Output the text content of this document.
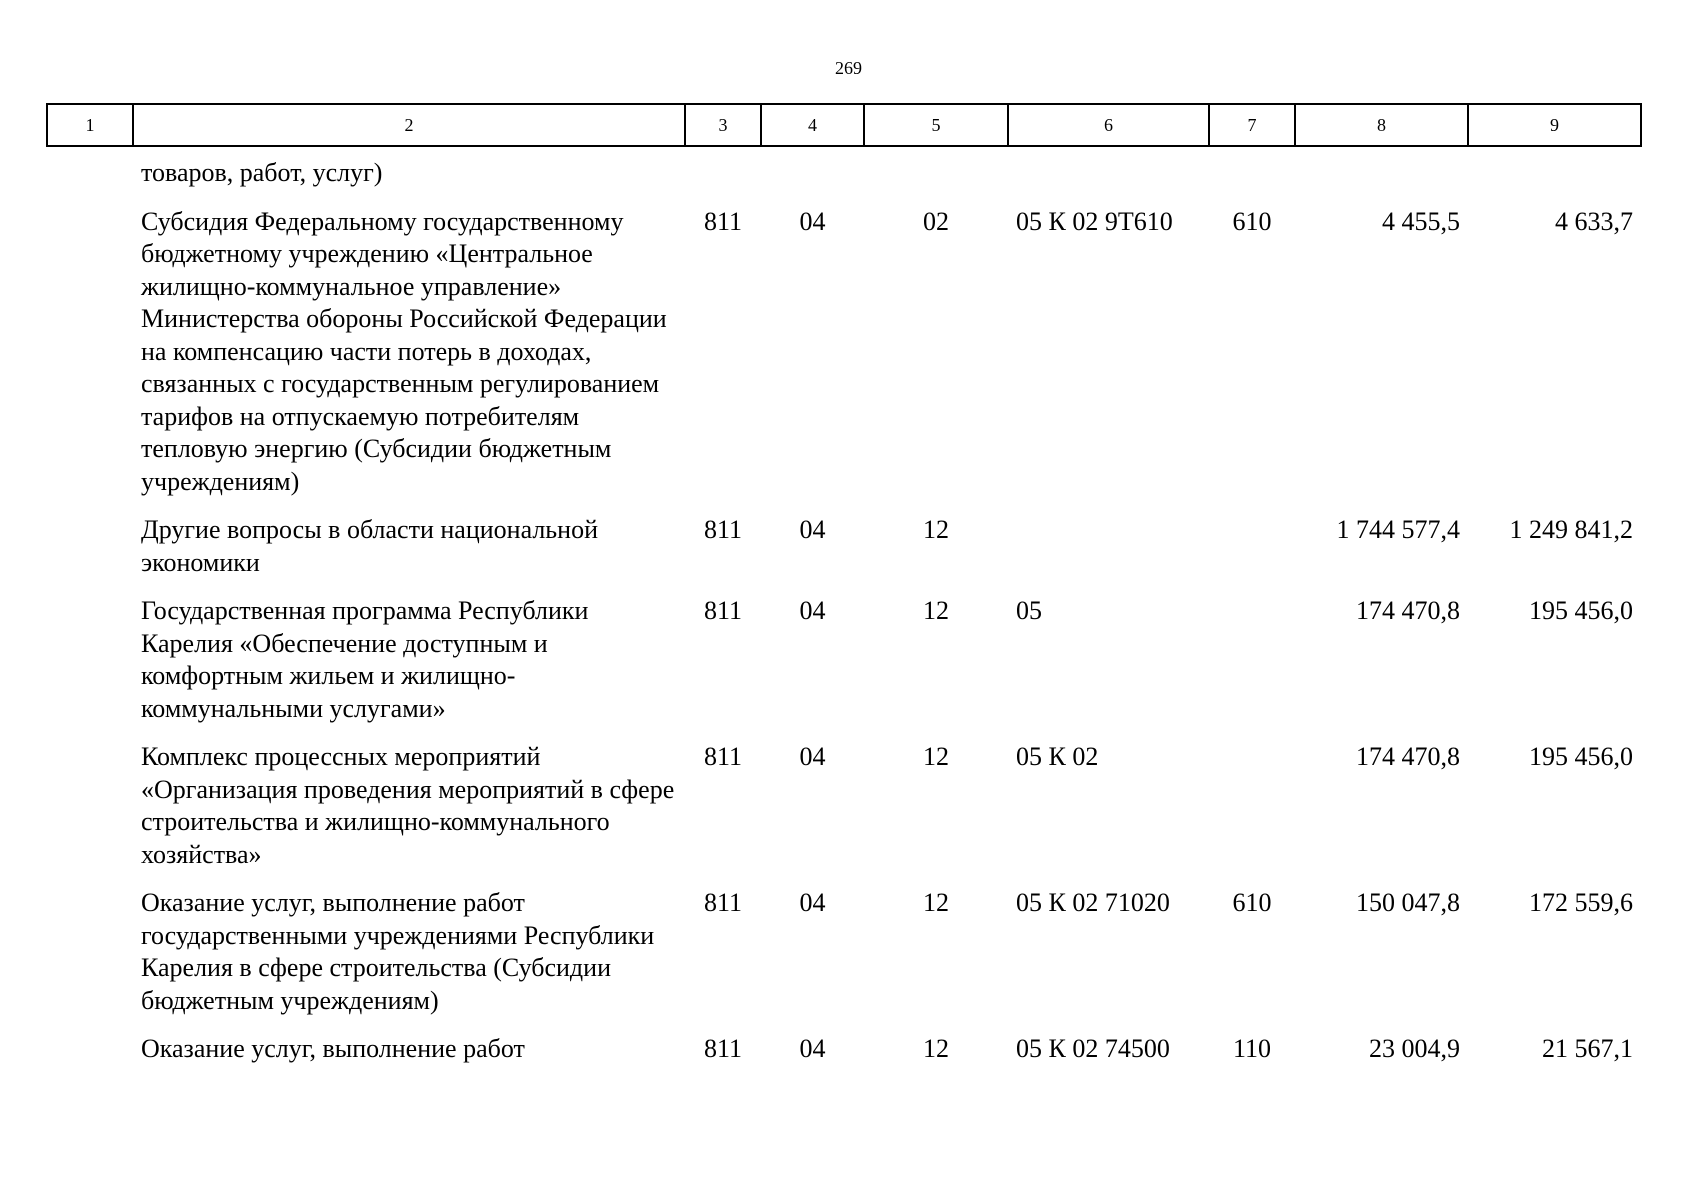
269
1	2	3	4	5	6	7	8	9
	товаров, работ, услуг)							
	Субсидия Федеральному государственному бюджетному учреждению «Центральное жилищно-коммунальное управление» Министерства обороны Российской Федерации на компенсацию части потерь в доходах, связанных с государственным регулированием тарифов на отпускаемую потребителям тепловую энергию (Субсидии бюджетным учреждениям)	811	04	02	05 К 02 9Т610	610	4 455,5	4 633,7
	Другие вопросы в области национальной экономики	811	04	12			1 744 577,4	1 249 841,2
	Государственная программа Республики Карелия «Обеспечение доступным и комфортным жильем и жилищно-коммунальными услугами»	811	04	12	05		174 470,8	195 456,0
	Комплекс процессных мероприятий «Организация проведения мероприятий в сфере строительства и жилищно-коммунального хозяйства»	811	04	12	05 К 02		174 470,8	195 456,0
	Оказание услуг, выполнение работ государственными учреждениями Республики Карелия в сфере строительства (Субсидии бюджетным учреждениям)	811	04	12	05 К 02 71020	610	150 047,8	172 559,6
	Оказание услуг, выполнение работ	811	04	12	05 К 02 74500	110	23 004,9	21 567,1
